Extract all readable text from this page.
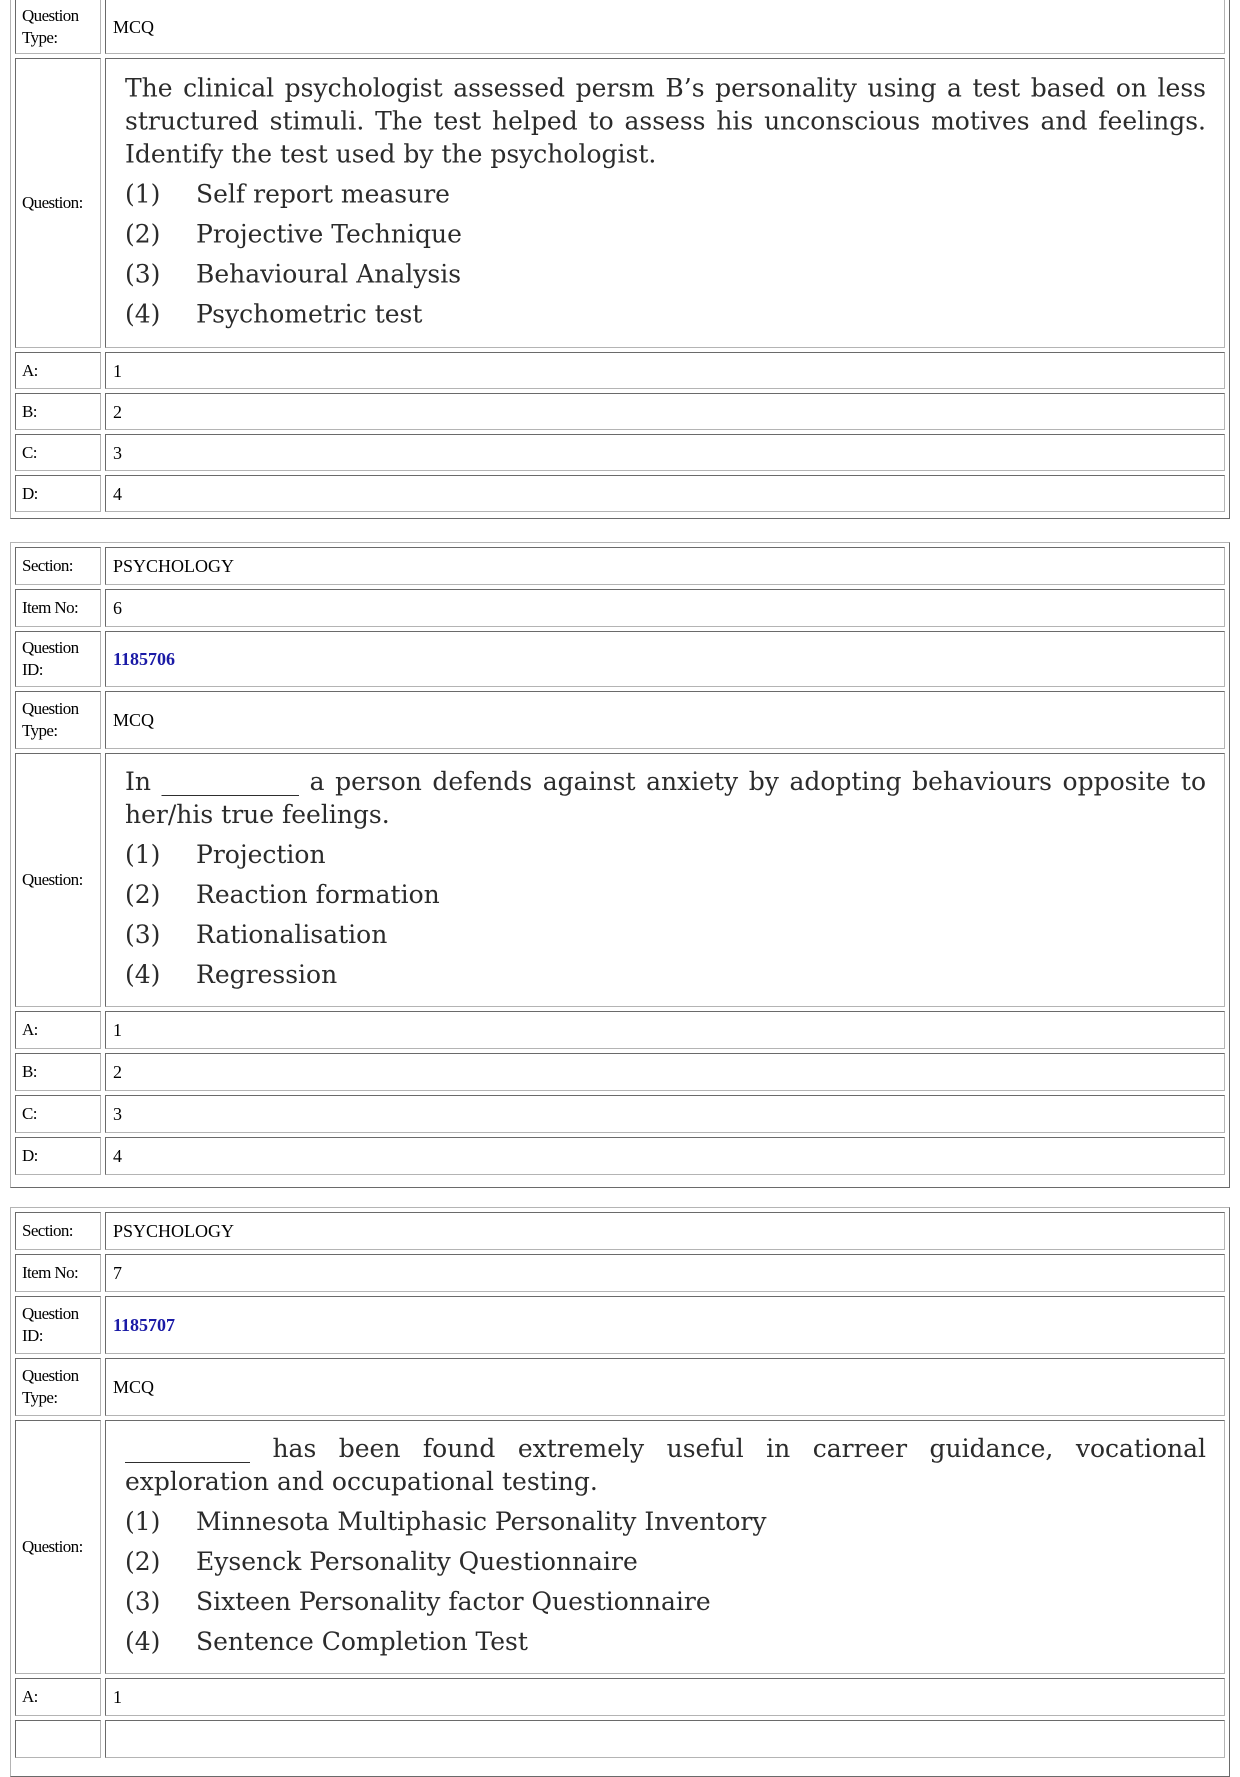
Question Type:
MCQ
Question:

The clinical psychologist assessed persm B’s personality using a test based on less structured stimuli. The test helped to assess his unconscious motives and feelings. Identify the test used by the psychologist.

(1)	Self report measure
(2)	Projective Technique
(3)	Behavioural Analysis
(4)	Psychometric test
A:	1
B:	2
C:	3
D:	4
Section:	PSYCHOLOGY
Item No:	6
Question ID:
1185706
Question Type:
MCQ
Question:

In ___________ a person defends against anxiety by adopting behaviours opposite to her/his true feelings.

(1)	Projection
(2)	Reaction formation
(3)	Rationalisation
(4)	Regression
A:	1
B:	2
C:	3
D:	4
Section:	PSYCHOLOGY
Item No:	7
Question ID:
1185707
Question Type:
MCQ
Question:

__________ has been found extremely useful in carreer guidance, vocational exploration and occupational testing.

(1)	Minnesota Multiphasic Personality Inventory
(2)	Eysenck Personality Questionnaire
(3)	Sixteen Personality factor Questionnaire
(4)	Sentence Completion Test
A:	1
